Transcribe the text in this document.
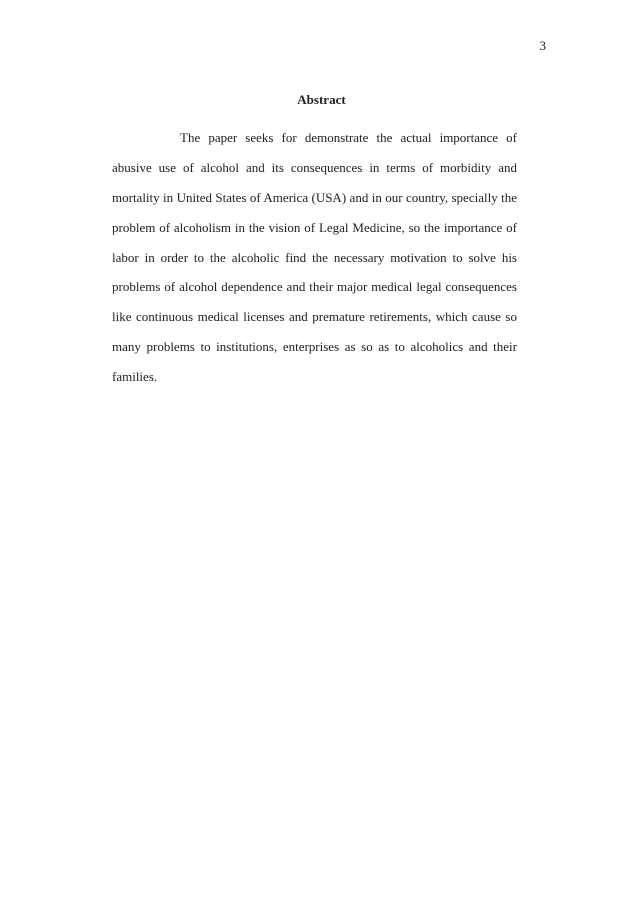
3
Abstract
The paper seeks for demonstrate the actual importance of
abusive use of alcohol and its consequences in terms of morbidity and
mortality in United States of America (USA) and in our country, specially the
problem of alcoholism in the vision of Legal Medicine, so the importance of
labor in order to the alcoholic find the necessary motivation to solve his
problems of alcohol dependence and their major medical legal consequences
like continuous medical licenses and premature retirements, which cause so
many problems to institutions, enterprises as so as to alcoholics and their
families.
